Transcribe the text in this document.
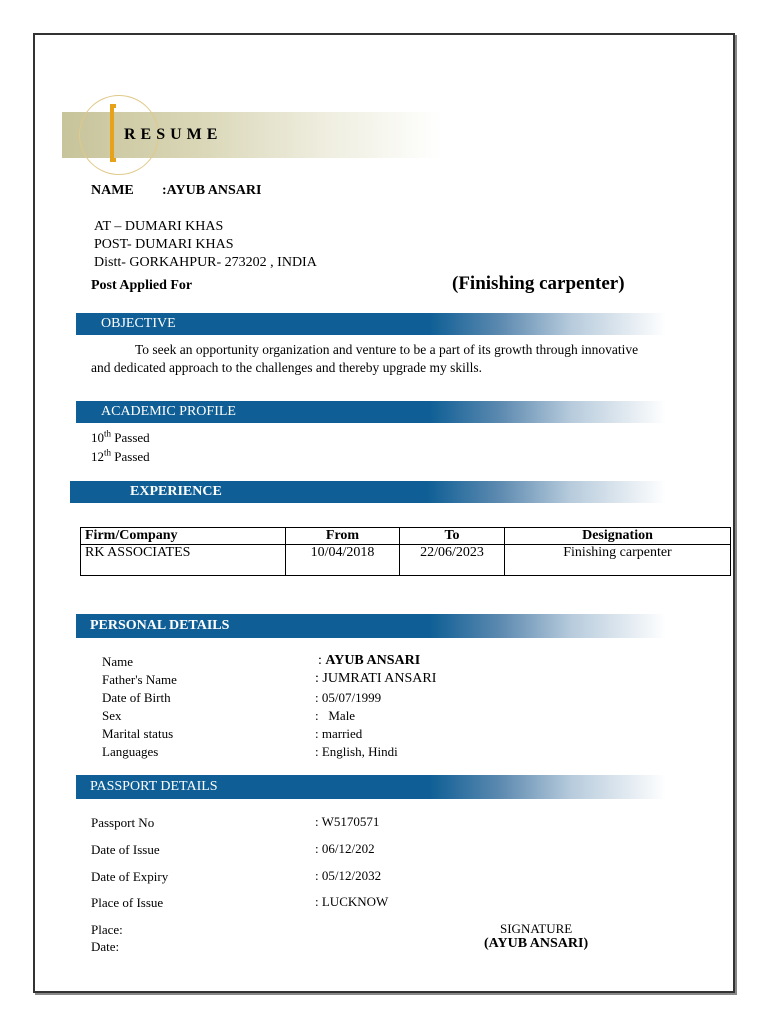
RESUME
NAME :AYUB ANSARI
AT – DUMARI KHAS
POST- DUMARI KHAS
Distt- GORKAHPUR- 273202 , INDIA
Post Applied For	(Finishing carpenter)
OBJECTIVE
To seek an opportunity organization and venture to be a part of its growth through innovative
and dedicated approach to the challenges and thereby upgrade my skills.
ACADEMIC PROFILE
10th Passed
12th Passed
EXPERIENCE
Firm/Company	From	To	Designation
RK ASSOCIATES	10/04/2018	22/06/2023	Finishing carpenter
PERSONAL DETAILS
Name	: AYUB ANSARI
Father's Name	: JUMRATI ANSARI
Date of Birth	: 05/07/1999
Sex	:   Male
Marital status	: married
Languages	: English, Hindi
PASSPORT DETAILS
Passport No	: W5170571
Date of Issue	: 06/12/202
Date of Expiry	: 05/12/2032
Place of Issue	: LUCKNOW
Place:
Date:
SIGNATURE
(AYUB ANSARI)
